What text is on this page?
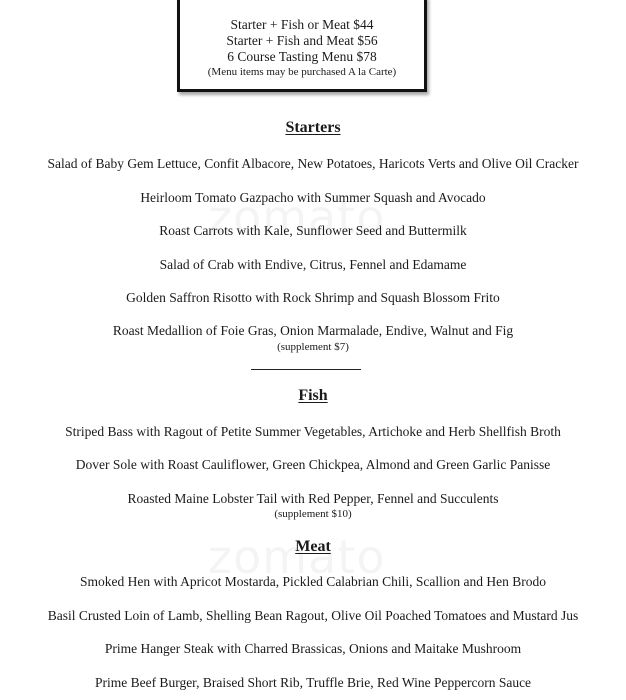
Starter + Fish or Meat $44
Starter + Fish and Meat $56
6 Course Tasting Menu $78
(Menu items may be purchased A la Carte)
Starters
Salad of Baby Gem Lettuce, Confit Albacore, New Potatoes, Haricots Verts and Olive Oil Cracker
Heirloom Tomato Gazpacho with Summer Squash and Avocado
Roast Carrots with Kale, Sunflower Seed and Buttermilk
Salad of Crab with Endive, Citrus, Fennel and Edamame
Golden Saffron Risotto with Rock Shrimp and Squash Blossom Frito
Roast Medallion of Foie Gras, Onion Marmalade, Endive, Walnut and Fig
(supplement $7)
Fish
Striped Bass with Ragout of Petite Summer Vegetables, Artichoke and Herb Shellfish Broth
Dover Sole with Roast Cauliflower, Green Chickpea, Almond and Green Garlic Panisse
Roasted Maine Lobster Tail with Red Pepper, Fennel and Succulents
(supplement $10)
Meat
Smoked Hen with Apricot Mostarda, Pickled Calabrian Chili, Scallion and Hen Brodo
Basil Crusted Loin of Lamb, Shelling Bean Ragout, Olive Oil Poached Tomatoes and Mustard Jus
Prime Hanger Steak with Charred Brassicas, Onions and Maitake Mushroom
Prime Beef Burger, Braised Short Rib, Truffle Brie, Red Wine Peppercorn Sauce
